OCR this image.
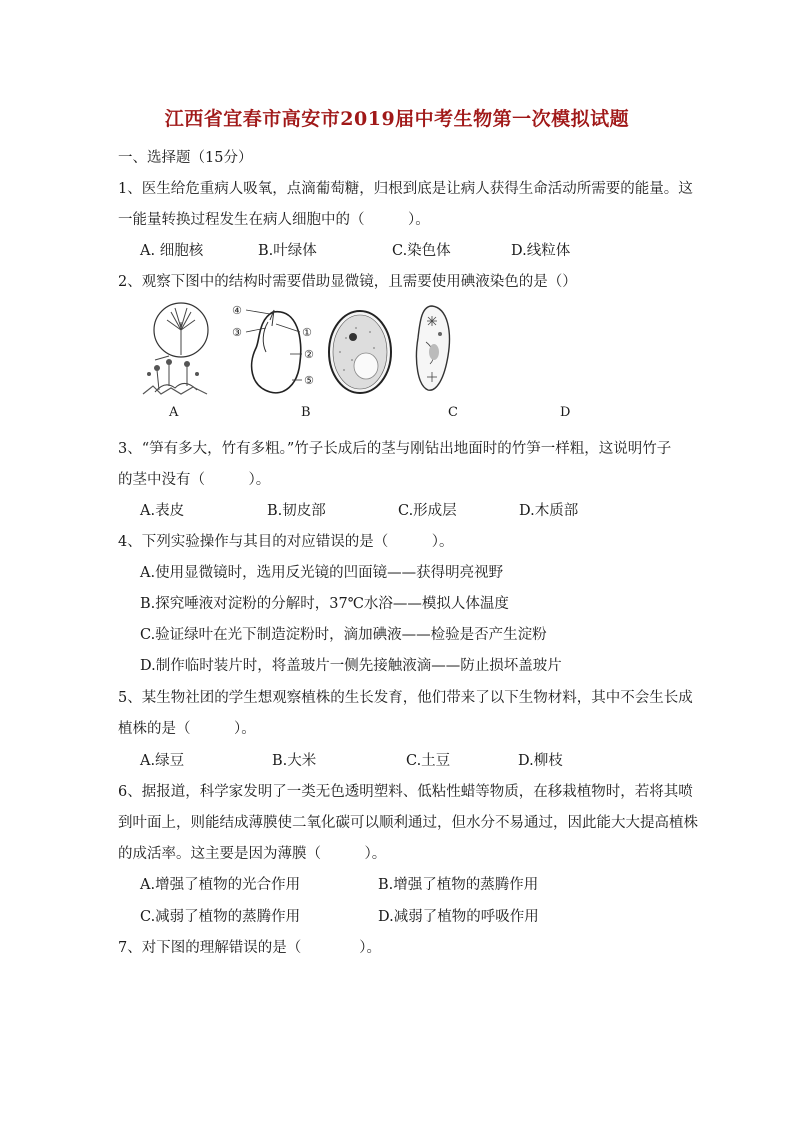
江西省宜春市高安市2019届中考生物第一次模拟试题
一、选择题（15分）
1、医生给危重病人吸氧，点滴葡萄糖，归根到底是让病人获得生命活动所需要的能量。这
一能量转换过程发生在病人细胞中的（　　　）。
A. 细胞核	B.叶绿体	C.染色体	D.线粒体
2、观察下图中的结构时需要借助显微镜，且需要使用碘液染色的是（）
④
③	①
②
⑤
A	B	C	D
3、“笋有多大，竹有多粗。”竹子长成后的茎与刚钻出地面时的竹笋一样粗，这说明竹子
的茎中没有（　　　）。
A.表皮	B.韧皮部	C.形成层	D.木质部
4、下列实验操作与其目的对应错误的是（　　　）。
A.使用显微镜时，选用反光镜的凹面镜——获得明亮视野
B.探究唾液对淀粉的分解时，37℃水浴——模拟人体温度
C.验证绿叶在光下制造淀粉时，滴加碘液——检验是否产生淀粉
D.制作临时装片时，将盖玻片一侧先接触液滴——防止损坏盖玻片
5、某生物社团的学生想观察植株的生长发育，他们带来了以下生物材料，其中不会生长成
植株的是（　　　）。
A.绿豆	B.大米	C.土豆	D.柳枝
6、据报道，科学家发明了一类无色透明塑料、低粘性蜡等物质，在移栽植物时，若将其喷
到叶面上，则能结成薄膜使二氧化碳可以顺利通过，但水分不易通过，因此能大大提高植株
的成活率。这主要是因为薄膜（　　　）。
A.增强了植物的光合作用	B.增强了植物的蒸腾作用
C.减弱了植物的蒸腾作用	D.减弱了植物的呼吸作用
7、对下图的理解错误的是（　　　　）。
